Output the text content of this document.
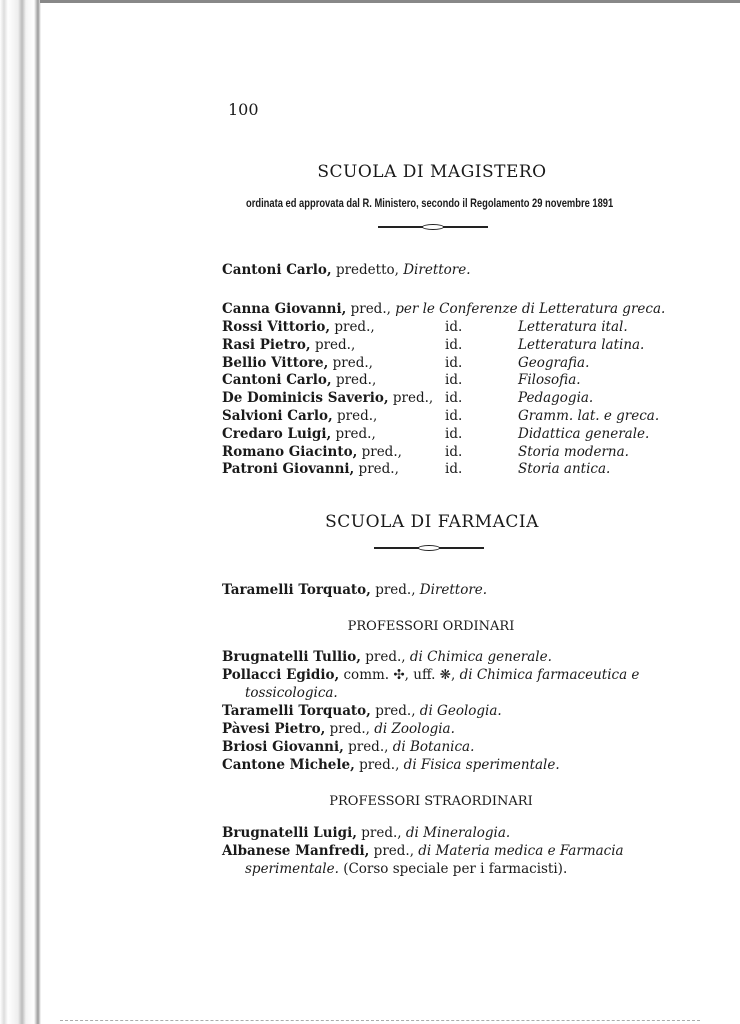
100
SCUOLA DI MAGISTERO
ordinata ed approvata dal R. Ministero, secondo il Regolamento 29 novembre 1891
Cantoni Carlo, predetto, Direttore.
Canna Giovanni, pred., per le Conferenze di Letteratura greca.
Rossi Vittorio, pred.,	id.	Letteratura ital.
Rasi Pietro, pred.,	id.	Letteratura latina.
Bellio Vittore, pred.,	id.	Geografia.
Cantoni Carlo, pred.,	id.	Filosofia.
De Dominicis Saverio, pred., id.	Pedagogia.
Salvioni Carlo, pred.,	id.	Gramm. lat. e greca.
Credaro Luigi, pred.,	id.	Didattica generale.
Romano Giacinto, pred.,	id.	Storia moderna.
Patroni Giovanni, pred.,	id.	Storia antica.
SCUOLA DI FARMACIA
Taramelli Torquato, pred., Direttore.
PROFESSORI ORDINARI
Brugnatelli Tullio, pred., di Chimica generale.
Pollacci Egidio, comm. ✣, uff. ❋, di Chimica farmaceutica e
tossicologica.
Taramelli Torquato, pred., di Geologia.
Pàvesi Pietro, pred., di Zoologia.
Briosi Giovanni, pred., di Botanica.
Cantone Michele, pred., di Fisica sperimentale.
PROFESSORI STRAORDINARI
Brugnatelli Luigi, pred., di Mineralogia.
Albanese Manfredi, pred., di Materia medica e Farmacia
sperimentale. (Corso speciale per i farmacisti).
